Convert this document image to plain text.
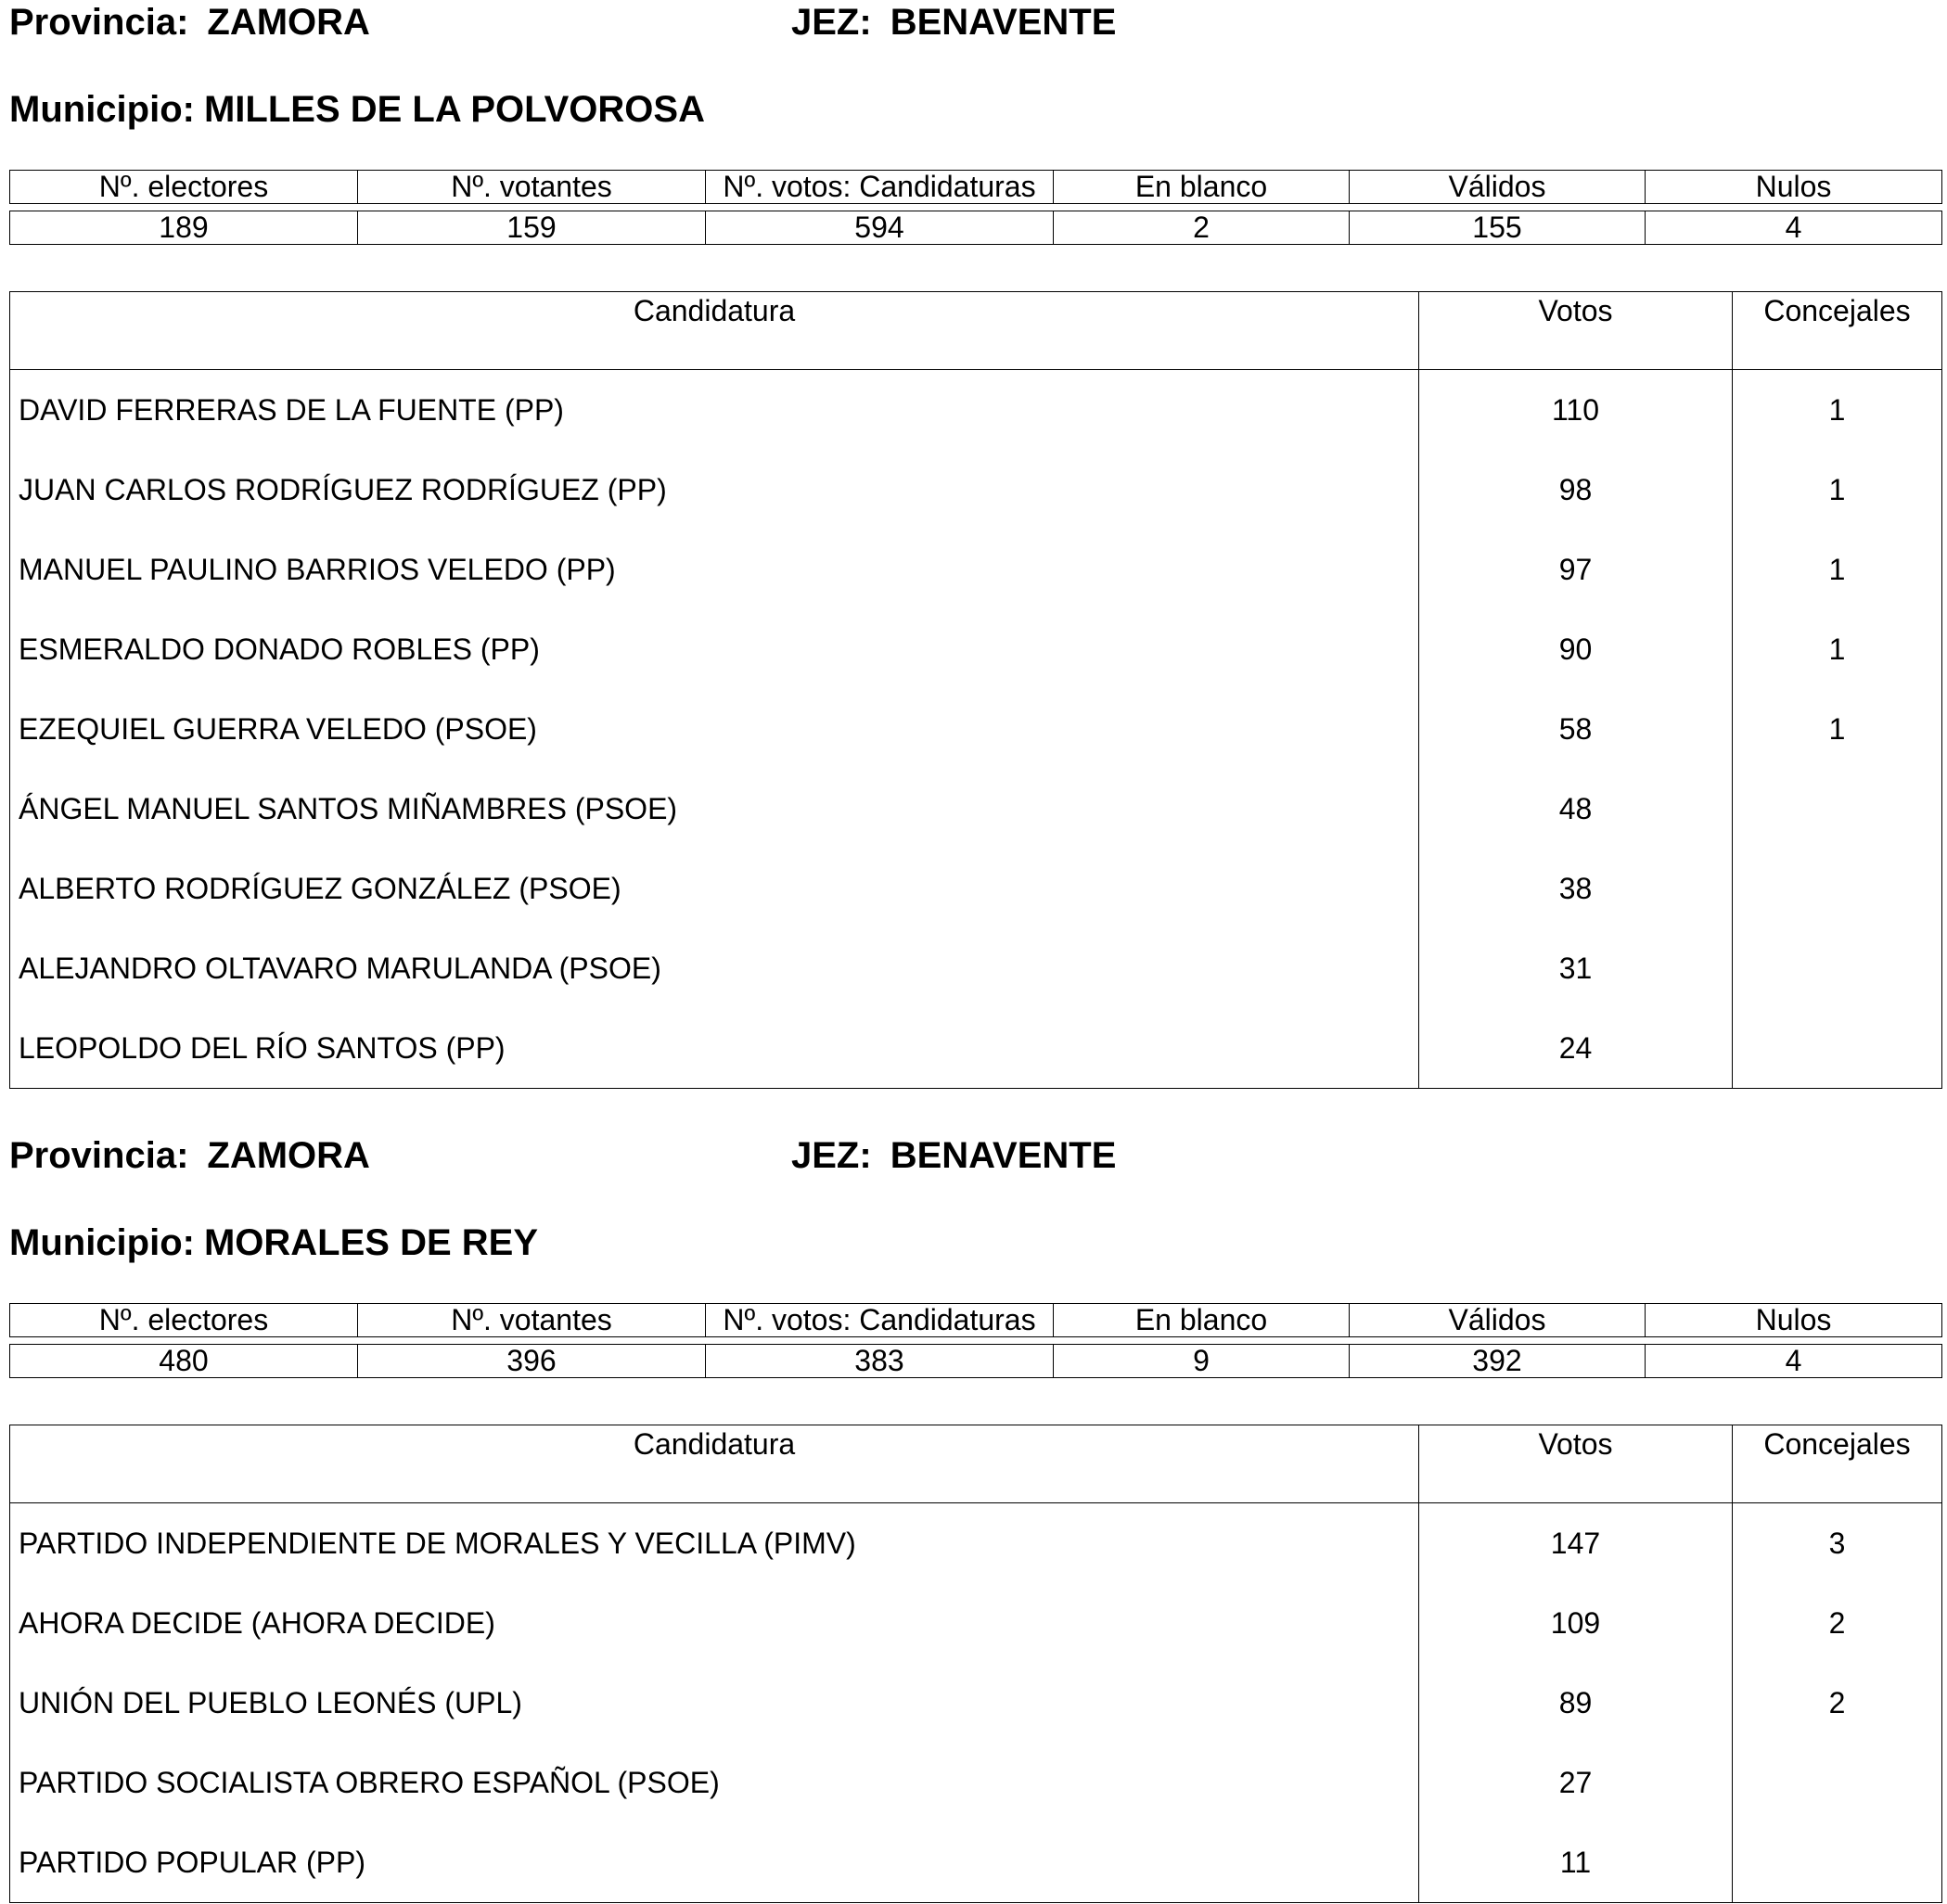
Provincia: ZAMORA	JEZ: BENAVENTE
Municipio: MILLES DE LA POLVOROSA
Nº. electores	Nº. votantes	Nº. votos: Candidaturas	En blanco	Válidos	Nulos
189	159	594	2	155	4
Candidatura	Votos	Concejales
DAVID FERRERAS DE LA FUENTE (PP)	110	1
JUAN CARLOS RODRÍGUEZ RODRÍGUEZ (PP)	98	1
MANUEL PAULINO BARRIOS VELEDO (PP)	97	1
ESMERALDO DONADO ROBLES (PP)	90	1
EZEQUIEL GUERRA VELEDO (PSOE)	58	1
ÁNGEL MANUEL SANTOS MIÑAMBRES (PSOE)	48	
ALBERTO RODRÍGUEZ GONZÁLEZ (PSOE)	38	
ALEJANDRO OLTAVARO MARULANDA (PSOE)	31	
LEOPOLDO DEL RÍO SANTOS (PP)	24	
Provincia: ZAMORA	JEZ: BENAVENTE
Municipio: MORALES DE REY
Nº. electores	Nº. votantes	Nº. votos: Candidaturas	En blanco	Válidos	Nulos
480	396	383	9	392	4
Candidatura	Votos	Concejales
PARTIDO INDEPENDIENTE DE MORALES Y VECILLA (PIMV)	147	3
AHORA DECIDE (AHORA DECIDE)	109	2
UNIÓN DEL PUEBLO LEONÉS (UPL)	89	2
PARTIDO SOCIALISTA OBRERO ESPAÑOL (PSOE)	27	
PARTIDO POPULAR (PP)	11	
